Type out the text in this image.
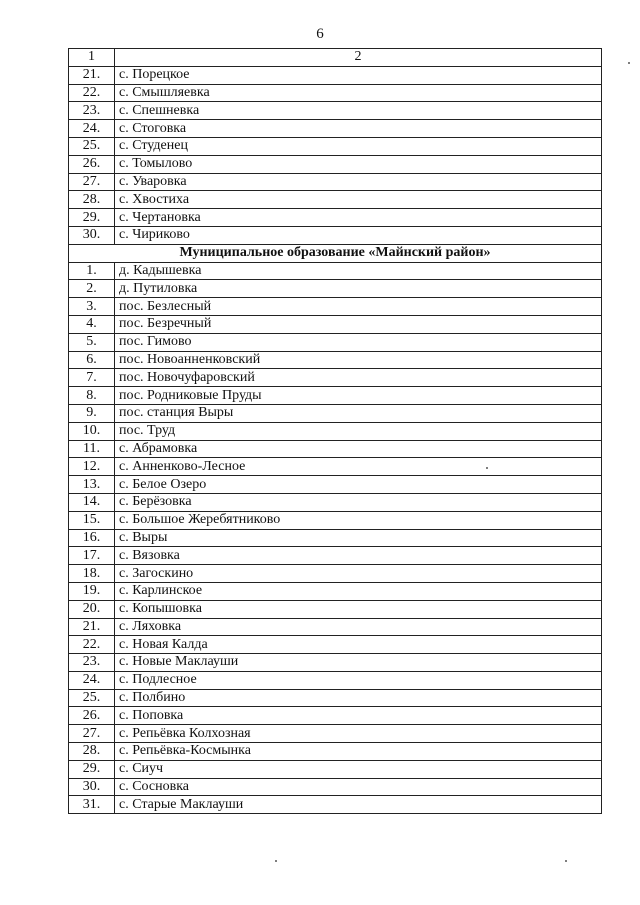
6
1	2
21.	с. Порецкое
22.	с. Смышляевка
23.	с. Спешневка
24.	с. Стоговка
25.	с. Студенец
26.	с. Томылово
27.	с. Уваровка
28.	с. Хвостиха
29.	с. Чертановка
30.	с. Чириково
Муниципальное образование «Майнский район»	
1.	д. Кадышевка
2.	д. Путиловка
3.	пос. Безлесный
4.	пос. Безречный
5.	пос. Гимово
6.	пос. Новоанненковский
7.	пос. Новочуфаровский
8.	пос. Родниковые Пруды
9.	пос. станция Выры
10.	пос. Труд
11.	с. Абрамовка
12.	с. Анненково-Лесное
13.	с. Белое Озеро
14.	с. Берёзовка
15.	с. Большое Жеребятниково
16.	с. Выры
17.	с. Вязовка
18.	с. Загоскино
19.	с. Карлинское
20.	с. Копышовка
21.	с. Ляховка
22.	с. Новая Калда
23.	с. Новые Маклауши
24.	с. Подлесное
25.	с. Полбино
26.	с. Поповка
27.	с. Репьёвка Колхозная
28.	с. Репьёвка-Космынка
29.	с. Сиуч
30.	с. Сосновка
31.	с. Старые Маклауши
